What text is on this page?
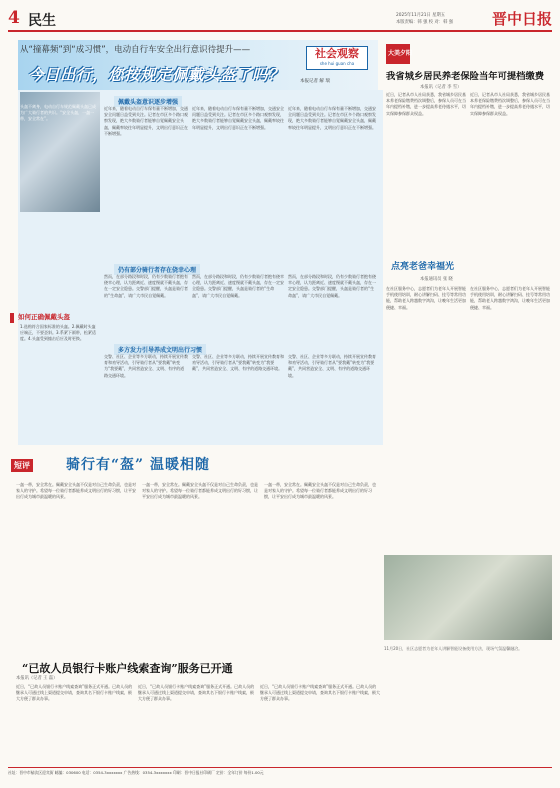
4 民生	2025年11月21日 星期五
本版责编：韩 强 校 对：韩 强	晋中日报
从“撞幕频”到“成习惯”，电动自行车安全出行意识待提升——
今日出行，您按规定佩戴头盔了吗？
社会观察
she hui guan cha
本报记者 解 瑞
头盔不离身，电动自行车规范佩戴头盔已成为广大骑行者的共识。“安全头盔，一盔一带，安全常在”。
佩戴头盔意识逐步增强
近年来，随着电动自行车保有量不断增加，交通安全问题日益受到关注。记者在市区多个路口观察发现，绝大多数骑行者能够自觉佩戴安全头盔，佩戴率较往年明显提升，文明出行意识正在不断增强。
近年来，随着电动自行车保有量不断增加，交通安全问题日益受到关注。记者在市区多个路口观察发现，绝大多数骑行者能够自觉佩戴安全头盔，佩戴率较往年明显提升，文明出行意识正在不断增强。
近年来，随着电动自行车保有量不断增加，交通安全问题日益受到关注。记者在市区多个路口观察发现，绝大多数骑行者能够自觉佩戴安全头盔，佩戴率较往年明显提升，文明出行意识正在不断增强。
仍有部分骑行者存在侥幸心理
然而，在部分路段和时段，仍有少数骑行者抱有侥幸心理，认为距离近、速度慢就不戴头盔，存在一定安全隐患。交警部门提醒，头盔是骑行者的“生命盔”，请广大市民自觉佩戴。
然而，在部分路段和时段，仍有少数骑行者抱有侥幸心理，认为距离近、速度慢就不戴头盔，存在一定安全隐患。交警部门提醒，头盔是骑行者的“生命盔”，请广大市民自觉佩戴。
然而，在部分路段和时段，仍有少数骑行者抱有侥幸心理，认为距离近、速度慢就不戴头盔，存在一定安全隐患。交警部门提醒，头盔是骑行者的“生命盔”，请广大市民自觉佩戴。
多方发力引导养成文明出行习惯
交警、社区、企业等多方联动，持续开展宣传教育和劝导活动，引导骑行者从“要我戴”转变为“我要戴”，共同营造安全、文明、有序的道路交通环境。
交警、社区、企业等多方联动，持续开展宣传教育和劝导活动，引导骑行者从“要我戴”转变为“我要戴”，共同营造安全、文明、有序的道路交通环境。
交警、社区、企业等多方联动，持续开展宣传教育和劝导活动，引导骑行者从“要我戴”转变为“我要戴”，共同营造安全、文明、有序的道路交通环境。
如何正确佩戴头盔
1.选购符合国家标准的头盔。2.佩戴时头盔应端正，不要歪斜。3.系紧下颌带，松紧适度。4.头盔受到撞击后应及时更换。
短评	骑行有“盔” 温暖相随
一盔一带，安全常在。佩戴安全头盔不仅是对自己生命负责，也是对家人的守护。希望每一位骑行者都能养成文明出行的好习惯，让平安出行成为城市最温暖的风景。
一盔一带，安全常在。佩戴安全头盔不仅是对自己生命负责，也是对家人的守护。希望每一位骑行者都能养成文明出行的好习惯，让平安出行成为城市最温暖的风景。
一盔一带，安全常在。佩戴安全头盔不仅是对自己生命负责，也是对家人的守护。希望每一位骑行者都能养成文明出行的好习惯，让平安出行成为城市最温暖的风景。
“已故人员银行卡账户线索查询”服务已开通
本报讯（记者 王 磊）
近日，“已故人员银行卡账户线索查询”服务正式开通。已故人员的继承人可通过线上渠道提交申请，查询其名下银行卡账户线索，极大方便了群众办事。
近日，“已故人员银行卡账户线索查询”服务正式开通。已故人员的继承人可通过线上渠道提交申请，查询其名下银行卡账户线索，极大方便了群众办事。
近日，“已故人员银行卡账户线索查询”服务正式开通。已故人员的继承人可通过线上渠道提交申请，查询其名下银行卡账户线索，极大方便了群众办事。
大美夕阳
我省城乡居民养老保险当年可提档缴费
本报讯（记者 李 雪）
近日，记者从市人社局获悉，我省城乡居民基本养老保险缴费档次调整后，参保人员可在当年内提档补缴，进一步提高养老待遇水平，切实保障参保群众权益。
近日，记者从市人社局获悉，我省城乡居民基本养老保险缴费档次调整后，参保人员可在当年内提档补缴，进一步提高养老待遇水平，切实保障参保群众权益。
点亮老爸幸福光
本报通讯员 张 晓
在社区服务中心，志愿者们为老年人开展智能手机使用培训，耐心讲解扫码、挂号等常用功能，帮助老人跨越数字鸿沟，让晚年生活更加便捷、幸福。
在社区服务中心，志愿者们为老年人开展智能手机使用培训，耐心讲解扫码、挂号等常用功能，帮助老人跨越数字鸿沟，让晚年生活更加便捷、幸福。
11月20日，社区志愿者为老年人讲解智能设备使用方法，现场气氛温馨融洽。
社址：晋中市榆次区迎宾街 邮编：030600 电话：0354-3xxxxxxx 广告热线：0354-3xxxxxxx 印刷：晋中日报社印刷厂 定价：全年订价 每份1.00元
